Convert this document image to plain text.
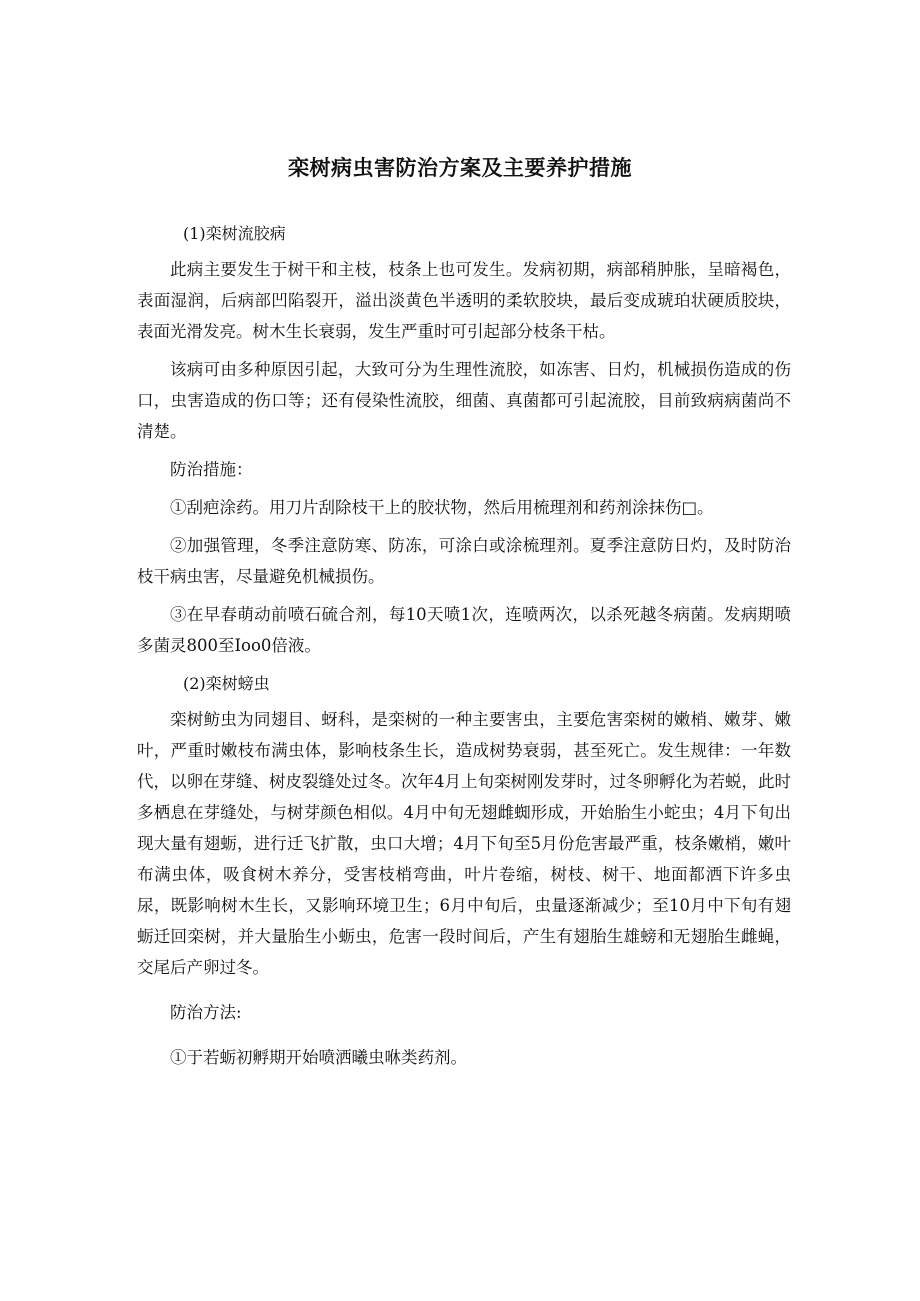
栾树病虫害防治方案及主要养护措施
(1)栾树流胶病

此病主要发生于树干和主枝，枝条上也可发生。发病初期，病部稍肿胀，呈暗褐色，表面湿润，后病部凹陷裂开，溢出淡黄色半透明的柔软胶块，最后变成琥珀状硬质胶块，表面光滑发亮。树木生长衰弱，发生严重时可引起部分枝条干枯。

该病可由多种原因引起，大致可分为生理性流胶，如冻害、日灼，机械损伤造成的伤口，虫害造成的伤口等；还有侵染性流胶，细菌、真菌都可引起流胶，目前致病病菌尚不清楚。

防治措施：

①刮疤涂药。用刀片刮除枝干上的胶状物，然后用梳理剂和药剂涂抹伤□。

②加强管理，冬季注意防寒、防冻，可涂白或涂梳理剂。夏季注意防日灼，及时防治枝干病虫害，尽量避免机械损伤。

③在早春萌动前喷石硫合剂，每10天喷1次，连喷两次，以杀死越冬病菌。发病期喷多菌灵800至Ioo0倍液。

(2)栾树螃虫

栾树鲂虫为同翅目、蚜科，是栾树的一种主要害虫，主要危害栾树的嫩梢、嫩芽、嫩叶，严重时嫩枝布满虫体，影响枝条生长，造成树势衰弱，甚至死亡。发生规律：一年数代，以卵在芽缝、树皮裂缝处过冬。次年4月上旬栾树刚发芽时，过冬卵孵化为若蜕，此时多栖息在芽缝处，与树芽颜色相似。4月中旬无翅雌蜘形成，开始胎生小蛇虫；4月下旬出现大量有翅蛎，进行迁飞扩散，虫口大增；4月下旬至5月份危害最严重，枝条嫩梢，嫩叶布满虫体，吸食树木养分，受害枝梢弯曲，叶片卷缩，树枝、树干、地面都洒下许多虫尿，既影响树木生长，又影响环境卫生；6月中旬后，虫量逐渐减少；至10月中下旬有翅蛎迁回栾树，并大量胎生小蛎虫，危害一段时间后，产生有翅胎生雄螃和无翅胎生雌蝇，交尾后产卵过冬。

防治方法:

①于若蛎初孵期开始喷洒曦虫咻类药剂。
